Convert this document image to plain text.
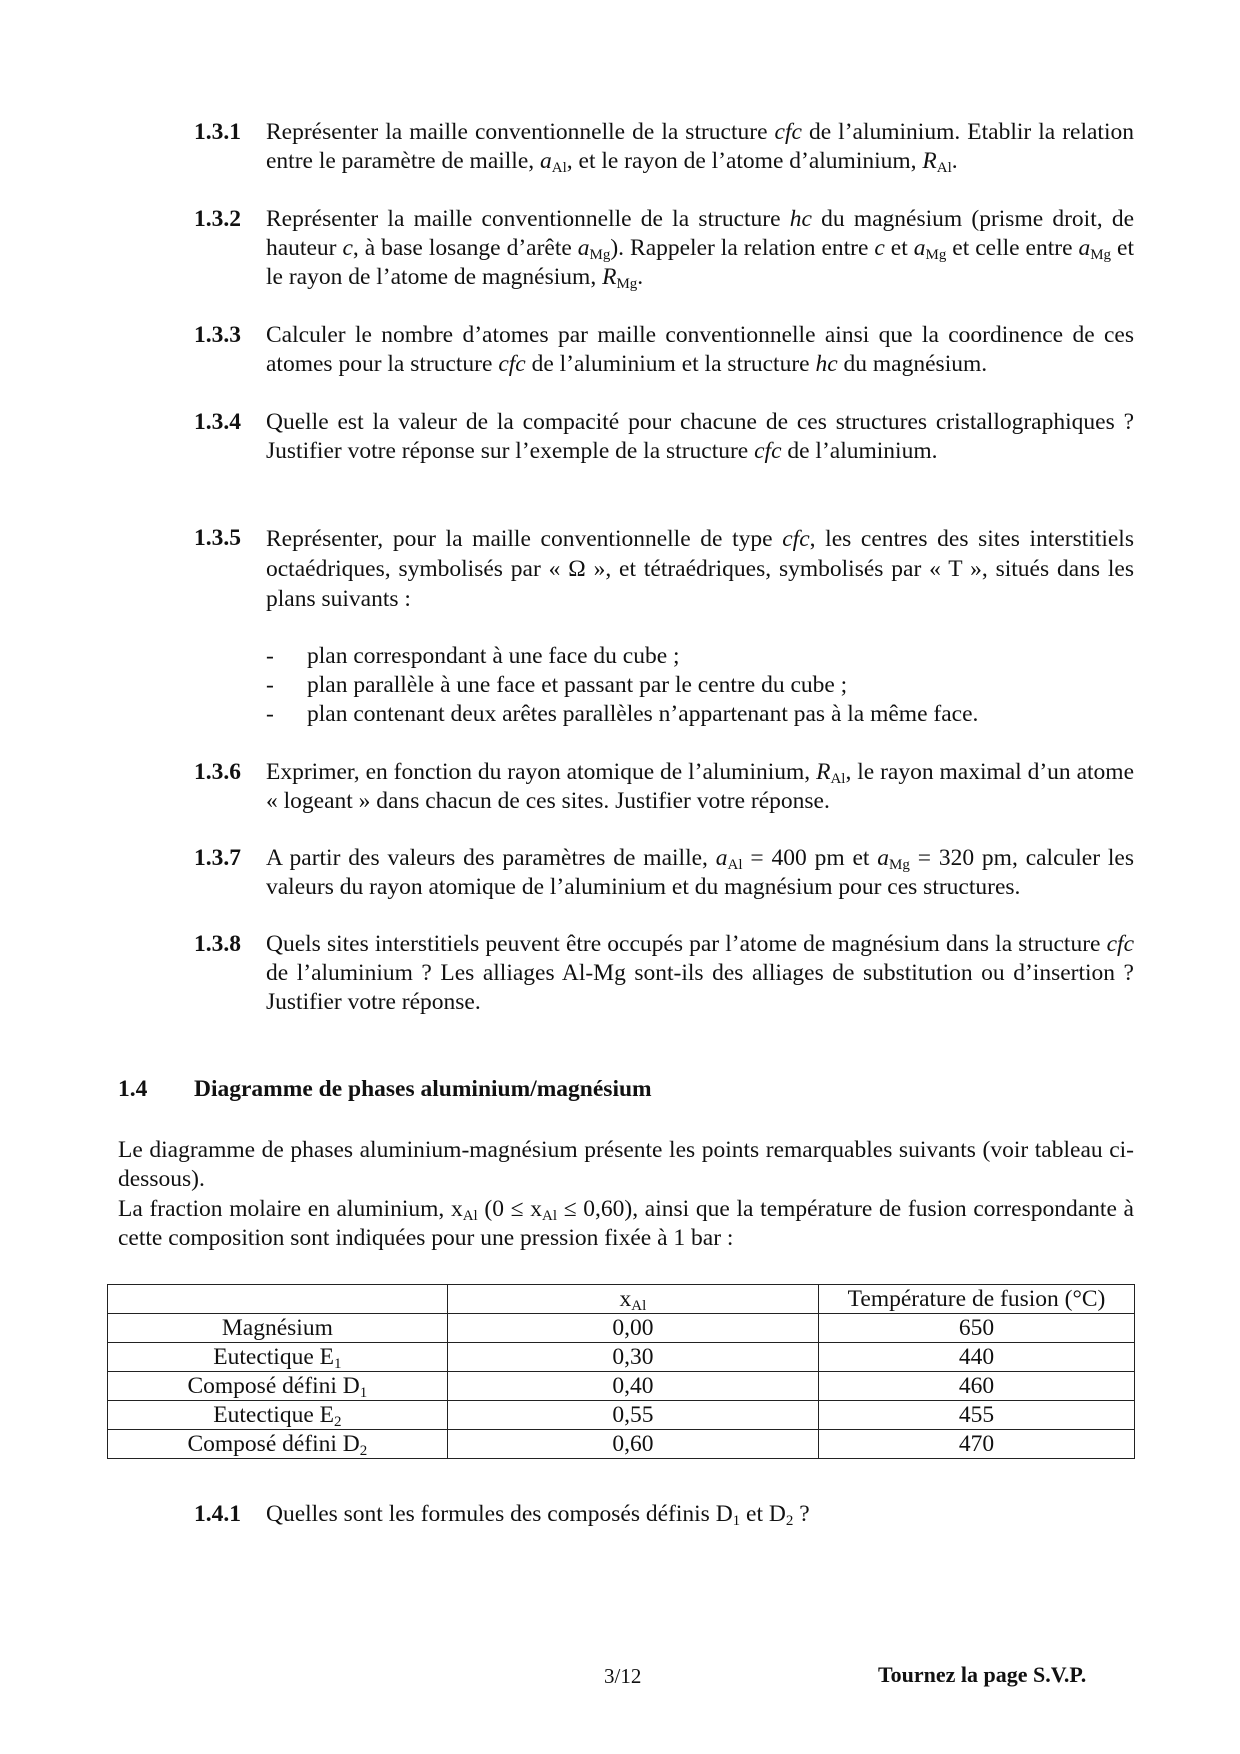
1.3.1 Représenter la maille conventionnelle de la structure cfc de l’aluminium. Etablir la relation entre le paramètre de maille, $a_{Al}$, et le rayon de l’atome d’aluminium, $R_{Al}$.
1.3.2 Représenter la maille conventionnelle de la structure hc du magnésium (prisme droit, de hauteur c, à base losange d’arête $a_{Mg}$). Rappeler la relation entre c et $a_{Mg}$ et celle entre $a_{Mg}$ et le rayon de l’atome de magnésium, $R_{Mg}$.
1.3.3 Calculer le nombre d’atomes par maille conventionnelle ainsi que la coordinence de ces atomes pour la structure cfc de l’aluminium et la structure hc du magnésium.
1.3.4 Quelle est la valeur de la compacité pour chacune de ces structures cristallographiques ? Justifier votre réponse sur l’exemple de la structure cfc de l’aluminium.
1.3.5 Représenter, pour la maille conventionnelle de type cfc, les centres des sites interstitiels octaédriques, symbolisés par « Ω », et tétraédriques, symbolisés par « T », situés dans les plans suivants :
- plan correspondant à une face du cube ;
- plan parallèle à une face et passant par le centre du cube ;
- plan contenant deux arêtes parallèles n’appartenant pas à la même face.
1.3.6 Exprimer, en fonction du rayon atomique de l’aluminium, $R_{Al}$, le rayon maximal d’un atome « logeant » dans chacun de ces sites. Justifier votre réponse.
1.3.7 A partir des valeurs des paramètres de maille, $a_{Al} = 400$ pm et $a_{Mg} = 320$ pm, calculer les valeurs du rayon atomique de l’aluminium et du magnésium pour ces structures.
1.3.8 Quels sites interstitiels peuvent être occupés par l’atome de magnésium dans la structure cfc de l’aluminium ? Les alliages Al-Mg sont-ils des alliages de substitution ou d’insertion ? Justifier votre réponse.
1.4 Diagramme de phases aluminium/magnésium
Le diagramme de phases aluminium-magnésium présente les points remarquables suivants (voir tableau ci-dessous).
La fraction molaire en aluminium, $x_{Al}$ $(0 \le x_{Al} \le 0,60)$, ainsi que la température de fusion correspondante à cette composition sont indiquées pour une pression fixée à 1 bar :
	$x_{Al}$	Température de fusion (°C)
Magnésium	0,00	650
Eutectique $E_1$	0,30	440
Composé défini $D_1$	0,40	460
Eutectique $E_2$	0,55	455
Composé défini $D_2$	0,60	470
1.4.1 Quelles sont les formules des composés définis $D_1$ et $D_2$ ?
3/12	Tournez la page S.V.P.
